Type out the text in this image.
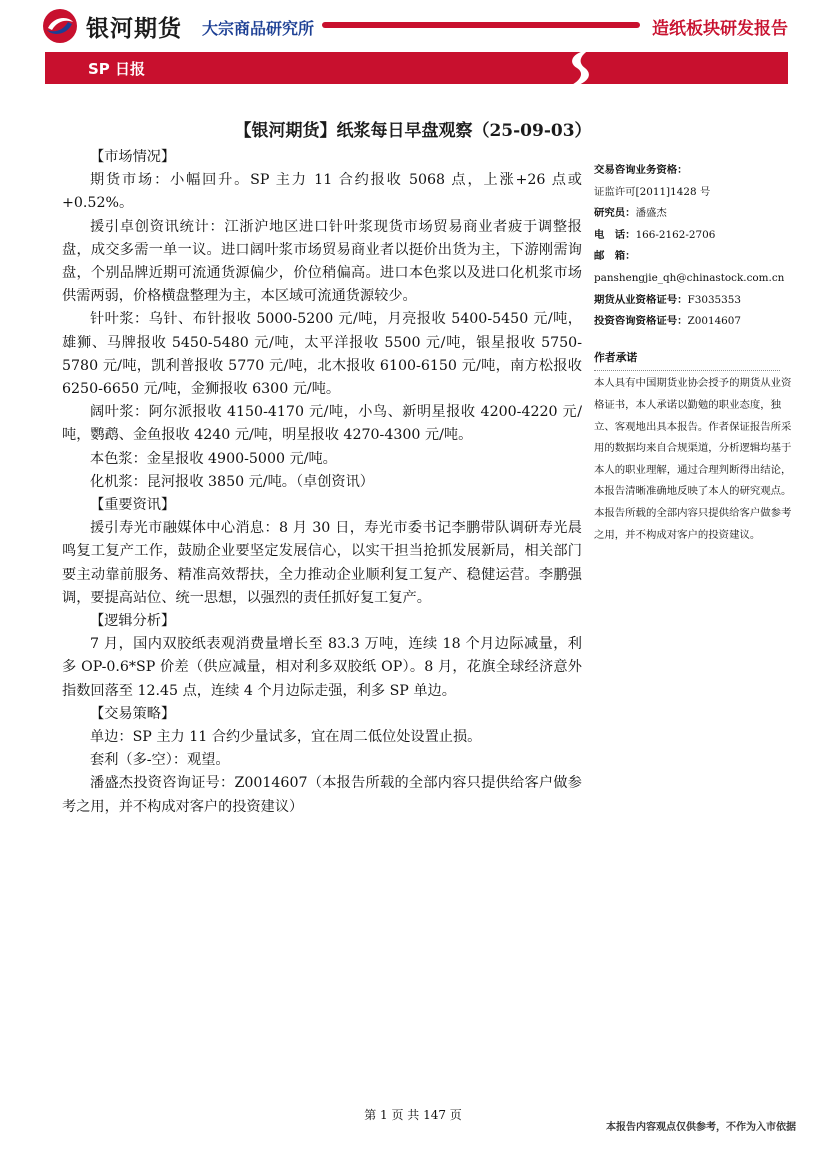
银河期货 大宗商品研究所	造纸板块研发报告
SP 日报
【银河期货】纸浆每日早盘观察（25-09-03）

【市场情况】

期货市场：小幅回升。SP 主力 11 合约报收 5068 点，上涨+26 点或+0.52%。

援引卓创资讯统计：江浙沪地区进口针叶浆现货市场贸易商业者疲于调整报盘，成交多需一单一议。进口阔叶浆市场贸易商业者以挺价出货为主，下游刚需询盘，个别品牌近期可流通货源偏少，价位稍偏高。进口本色浆以及进口化机浆市场供需两弱，价格横盘整理为主，本区域可流通货源较少。

针叶浆：乌针、布针报收 5000-5200 元/吨，月亮报收 5400-5450 元/吨，雄狮、马牌报收 5450-5480 元/吨，太平洋报收 5500 元/吨，银星报收 5750-5780 元/吨，凯利普报收 5770 元/吨，北木报收 6100-6150 元/吨，南方松报收 6250-6650 元/吨，金狮报收 6300 元/吨。

阔叶浆：阿尔派报收 4150-4170 元/吨，小鸟、新明星报收 4200-4220 元/吨，鹦鹉、金鱼报收 4240 元/吨，明星报收 4270-4300 元/吨。

本色浆：金星报收 4900-5000 元/吨。

化机浆：昆河报收 3850 元/吨。（卓创资讯）

【重要资讯】

援引寿光市融媒体中心消息：8 月 30 日，寿光市委书记李鹏带队调研寿光晨鸣复工复产工作，鼓励企业要坚定发展信心，以实干担当抢抓发展新局，相关部门要主动靠前服务、精准高效帮扶，全力推动企业顺利复工复产、稳健运营。李鹏强调，要提高站位、统一思想，以强烈的责任抓好复工复产。

【逻辑分析】

7 月，国内双胶纸表观消费量增长至 83.3 万吨，连续 18 个月边际减量，利多 OP-0.6*SP 价差（供应减量，相对利多双胶纸 OP）。8 月，花旗全球经济意外指数回落至 12.45 点，连续 4 个月边际走强，利多 SP 单边。

【交易策略】

单边：SP 主力 11 合约少量试多，宜在周二低位处设置止损。

套利（多-空）：观望。

潘盛杰投资咨询证号：Z0014607（本报告所载的全部内容只提供给客户做参考之用，并不构成对客户的投资建议）

交易咨询业务资格：
证监许可[2011]1428 号
研究员：潘盛杰
电　话：166-2162-2706
邮　箱：
panshengjie_qh@chinastock.com.cn
期货从业资格证号：F3035353
投资咨询资格证号：Z0014607
作者承诺
本人具有中国期货业协会授予的期货从业资格证书，本人承诺以勤勉的职业态度，独立、客观地出具本报告。作者保证报告所采用的数据均来自合规渠道，分析逻辑均基于本人的职业理解，通过合理判断得出结论，本报告清晰准确地反映了本人的研究观点。本报告所载的全部内容只提供给客户做参考之用，并不构成对客户的投资建议。
第 1 页 共 147 页
本报告内容观点仅供参考，不作为入市依据
